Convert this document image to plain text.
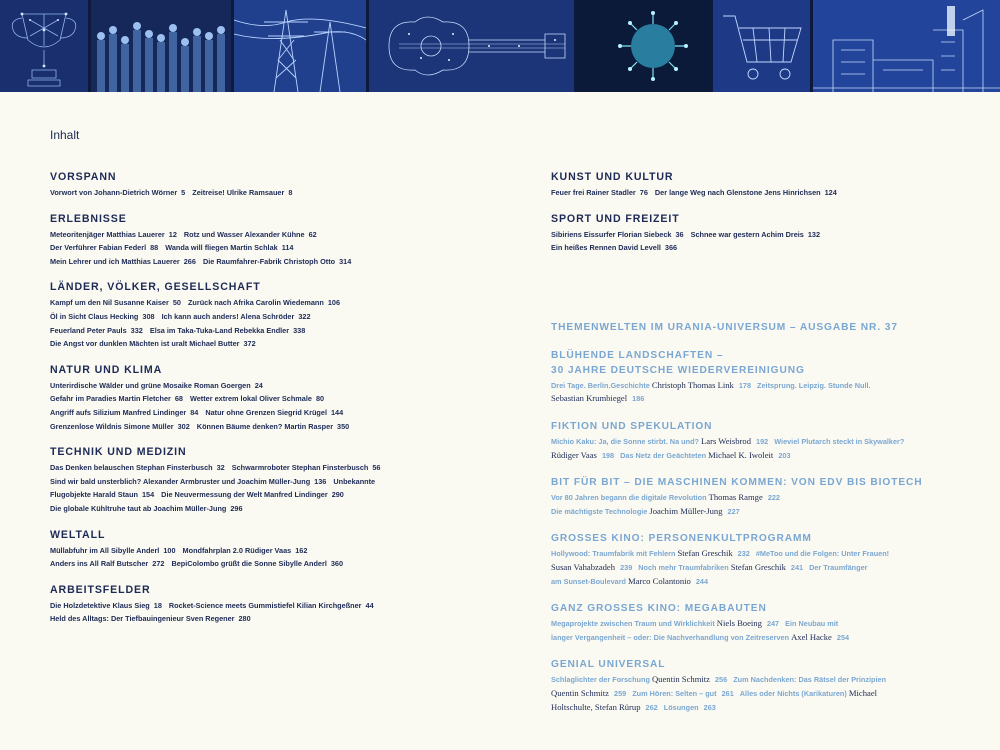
Inhalt
VORSPANN
Vorwort von Johann-Dietrich Wörner 5 Zeitreise! Ulrike Ramsauer 8
ERLEBNISSE
Meteoritenjäger Matthias Lauerer 12 Rotz und Wasser Alexander Kühne 62
Der Verführer Fabian Federl 88 Wanda will fliegen Martin Schlak 114
Mein Lehrer und ich Matthias Lauerer 266 Die Raumfahrer-Fabrik Christoph Otto 314
LÄNDER, VÖLKER, GESELLSCHAFT
Kampf um den Nil Susanne Kaiser 50 Zurück nach Afrika Carolin Wiedemann 106
Öl in Sicht Claus Hecking 308 Ich kann auch anders! Alena Schröder 322
Feuerland Peter Pauls 332 Elsa im Taka-Tuka-Land Rebekka Endler 338
Die Angst vor dunklen Mächten ist uralt Michael Butter 372
NATUR UND KLIMA
Unterirdische Wälder und grüne Mosaike Roman Goergen 24
Gefahr im Paradies Martin Fletcher 68 Wetter extrem lokal Oliver Schmale 80
Angriff aufs Silizium Manfred Lindinger 84 Natur ohne Grenzen Siegrid Krügel 144
Grenzenlose Wildnis Simone Müller 302 Können Bäume denken? Martin Rasper 350
TECHNIK UND MEDIZIN
Das Denken belauschen Stephan Finsterbusch 32 Schwarmroboter Stephan Finsterbusch 56
Sind wir bald unsterblich? Alexander Armbruster und Joachim Müller-Jung 136 Unbekannte
Flugobjekte Harald Staun 154 Die Neuvermessung der Welt Manfred Lindinger 290
Die globale Kühltruhe taut ab Joachim Müller-Jung 296
WELTALL
Müllabfuhr im All Sibylle Anderl 100 Mondfahrplan 2.0 Rüdiger Vaas 162
Anders ins All Ralf Butscher 272 BepiColombo grüßt die Sonne Sibylle Anderl 360
ARBEITSFELDER
Die Holzdetektive Klaus Sieg 18 Rocket-Science meets Gummistiefel Kilian Kirchgeßner 44
Held des Alltags: Der Tiefbauingenieur Sven Regener 280
KUNST UND KULTUR
Feuer frei Rainer Stadler 76 Der lange Weg nach Glenstone Jens Hinrichsen 124
SPORT UND FREIZEIT
Sibiriens Eissurfer Florian Siebeck 36 Schnee war gestern Achim Dreis 132
Ein heißes Rennen David Levell 366
THEMENWELTEN IM URANIA-UNIVERSUM – AUSGABE NR. 37
BLÜHENDE LANDSCHAFTEN –
30 JAHRE DEUTSCHE WIEDERVEREINIGUNG
Drei Tage. Berlin.Geschichte Christoph Thomas Link 178 Zeitsprung. Leipzig. Stunde Null.
Sebastian Krumbiegel 186
FIKTION UND SPEKULATION
Michio Kaku: Ja, die Sonne stirbt. Na und? Lars Weisbrod 192 Wieviel Plutarch steckt in Skywalker?
Rüdiger Vaas 198 Das Netz der Geächteten Michael K. Iwoleit 203
BIT FÜR BIT – DIE MASCHINEN KOMMEN: VON EDV BIS BIOTECH
Vor 80 Jahren begann die digitale Revolution Thomas Ramge 222
Die mächtigste Technologie Joachim Müller-Jung 227
GROSSES KINO: PERSONENKULTPROGRAMM
Hollywood: Traumfabrik mit Fehlern Stefan Greschik 232 #MeToo und die Folgen: Unter Frauen!
Susan Vahabzadeh 239 Noch mehr Traumfabriken Stefan Greschik 241 Der Traumfänger
am Sunset-Boulevard Marco Colantonio 244
GANZ GROSSES KINO: MEGABAUTEN
Megaprojekte zwischen Traum und Wirklichkeit Niels Boeing 247 Ein Neubau mit
langer Vergangenheit – oder: Die Nachverhandlung von Zeitreserven Axel Hacke 254
GENIAL UNIVERSAL
Schlaglichter der Forschung Quentin Schmitz 256 Zum Nachdenken: Das Rätsel der Prinzipien
Quentin Schmitz 259 Zum Hören: Selten – gut 261 Alles oder Nichts (Karikaturen) Michael
Holtschulte, Stefan Rürup 262 Lösungen 263
